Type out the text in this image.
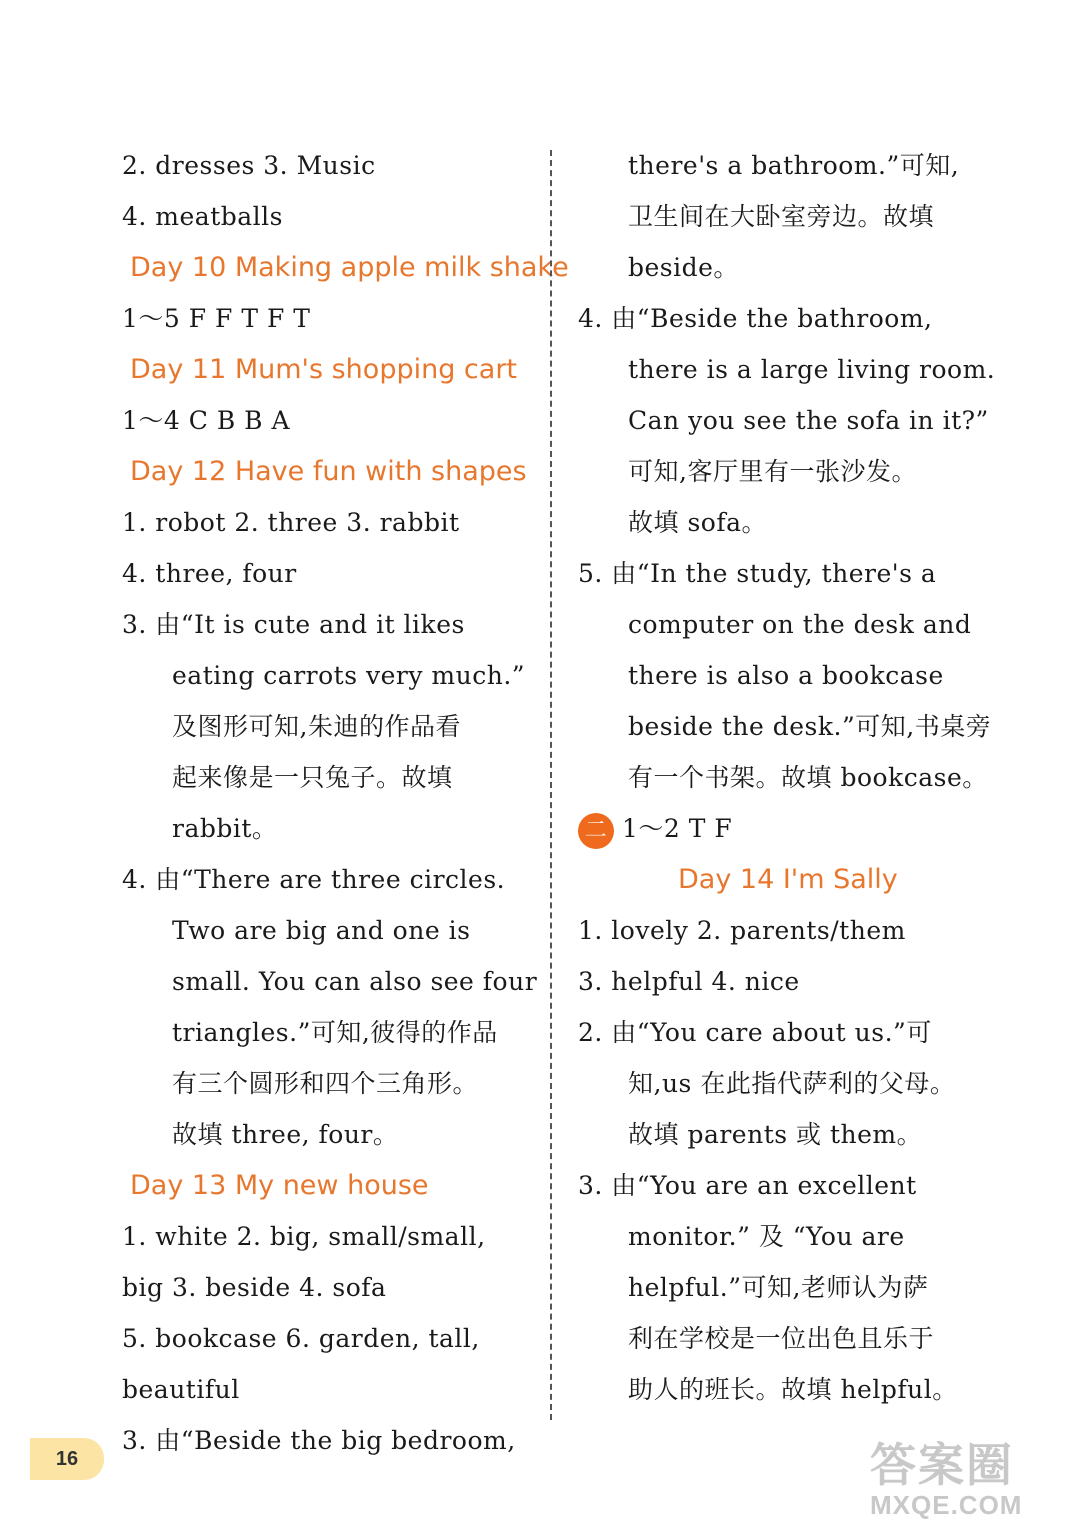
2. dresses 3. Music
4. meatballs
Day 10 Making apple milk shake
1～5 F F T F T
Day 11 Mum's shopping cart
1～4 C B B A
Day 12 Have fun with shapes
1. robot 2. three 3. rabbit
4. three, four
3. 由“It is cute and it likes
eating carrots very much.”
及图形可知,朱迪的作品看
起来像是一只兔子。故填
rabbit。
4. 由“There are three circles.
Two are big and one is
small. You can also see four
triangles.”可知,彼得的作品
有三个圆形和四个三角形。
故填 three, four。
Day 13 My new house
1. white 2. big, small/small,
big 3. beside 4. sofa
5. bookcase 6. garden, tall,
beautiful
3. 由“Beside the big bedroom,
there's a bathroom.”可知,
卫生间在大卧室旁边。故填
beside。
4. 由“Beside the bathroom,
there is a large living room.
Can you see the sofa in it?”
可知,客厅里有一张沙发。
故填 sofa。
5. 由“In the study, there's a
computer on the desk and
there is also a bookcase
beside the desk.”可知,书桌旁
有一个书架。故填 bookcase。
二 1～2 T F
Day 14 I'm Sally
1. lovely 2. parents/them
3. helpful 4. nice
2. 由“You care about us.”可
知,us 在此指代萨利的父母。
故填 parents 或 them。
3. 由“You are an excellent
monitor.” 及 “You are
helpful.”可知,老师认为萨
利在学校是一位出色且乐于
助人的班长。故填 helpful。
16	答案圈
MXQE.COM
